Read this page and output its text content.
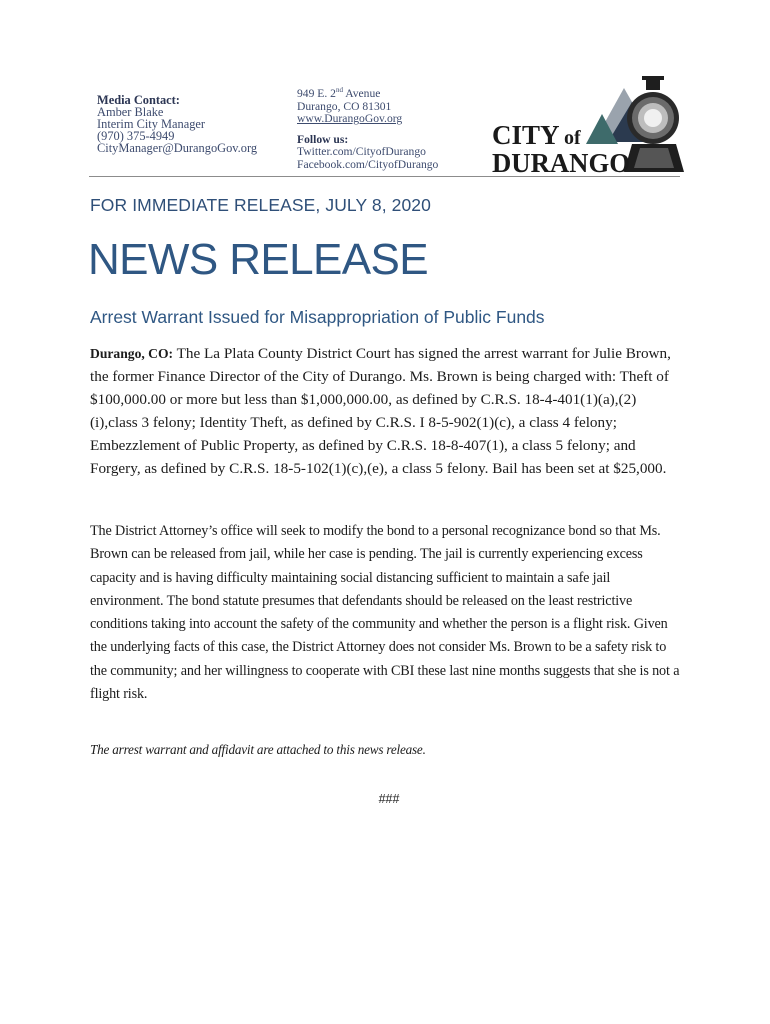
Media Contact:
Amber Blake
Interim City Manager
(970) 375-4949
CityManager@DurangoGov.org
949 E. 2nd Avenue
Durango, CO 81301
www.DurangoGov.org
Follow us:
Twitter.com/CityofDurango
Facebook.com/CityofDurango
CITY of
DURANGO
FOR IMMEDIATE RELEASE, JULY 8, 2020
NEWS RELEASE
Arrest Warrant Issued for Misappropriation of Public Funds
Durango, CO: The La Plata County District Court has signed the arrest warrant for Julie Brown, the former Finance Director of the City of Durango. Ms. Brown is being charged with: Theft of $100,000.00 or more but less than $1,000,000.00, as defined by C.R.S. 18-4-401(1)(a),(2)(i),class 3 felony; Identity Theft, as defined by C.R.S. I 8-5-902(1)(c), a class 4 felony; Embezzlement of Public Property, as defined by C.R.S. 18-8-407(1), a class 5 felony; and Forgery, as defined by C.R.S. 18-5-102(1)(c),(e), a class 5 felony. Bail has been set at $25,000.
The District Attorney’s office will seek to modify the bond to a personal recognizance bond so that Ms. Brown can be released from jail, while her case is pending. The jail is currently experiencing excess capacity and is having difficulty maintaining social distancing sufficient to maintain a safe jail environment. The bond statute presumes that defendants should be released on the least restrictive conditions taking into account the safety of the community and whether the person is a flight risk. Given the underlying facts of this case, the District Attorney does not consider Ms. Brown to be a safety risk to the community; and her willingness to cooperate with CBI these last nine months suggests that she is not a flight risk.
The arrest warrant and affidavit are attached to this news release.
###
